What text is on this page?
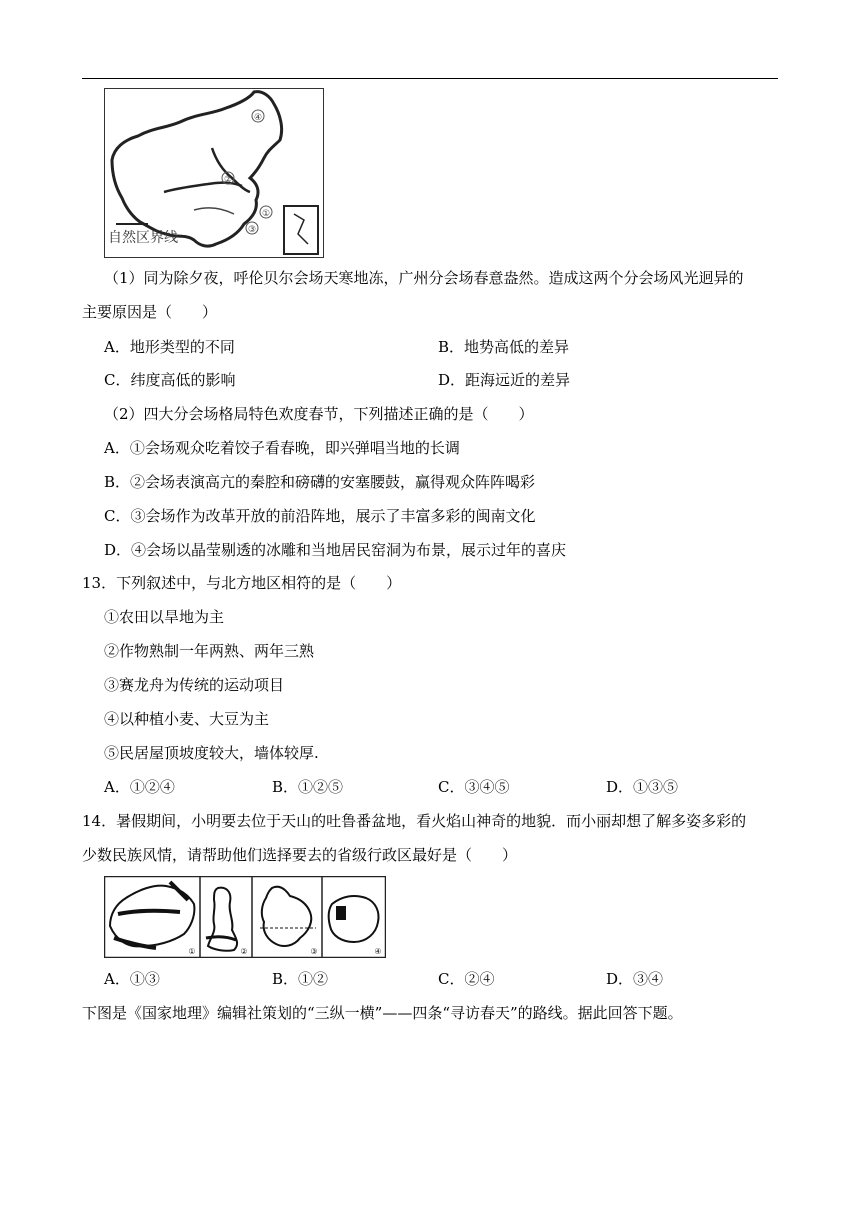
④
②
①
③
自然区界线
（1）同为除夕夜，呼伦贝尔会场天寒地冻，广州分会场春意盎然。造成这两个分会场风光迥异的
主要原因是（　　）
A．地形类型的不同	B．地势高低的差异
C．纬度高低的影响	D．距海远近的差异
（2）四大分会场格局特色欢度春节，下列描述正确的是（　　）
A．①会场观众吃着饺子看春晚，即兴弹唱当地的长调
B．②会场表演高亢的秦腔和磅礴的安塞腰鼓，赢得观众阵阵喝彩
C．③会场作为改革开放的前沿阵地，展示了丰富多彩的闽南文化
D．④会场以晶莹剔透的冰雕和当地居民窑洞为布景，展示过年的喜庆
13．下列叙述中，与北方地区相符的是（　　）
①农田以旱地为主
②作物熟制一年两熟、两年三熟
③赛龙舟为传统的运动项目
④以种植小麦、大豆为主
⑤民居屋顶坡度较大，墙体较厚.
A．①②④	B．①②⑤	C．③④⑤	D．①③⑤
14．暑假期间，小明要去位于天山的吐鲁番盆地，看火焰山神奇的地貌．而小丽却想了解多姿多彩的
少数民族风情，请帮助他们选择要去的省级行政区最好是（　　）
①	②	③	④
A．①③	B．①②	C．②④	D．③④
下图是《国家地理》编辑社策划的“三纵一横”——四条“寻访春天”的路线。据此回答下题。
